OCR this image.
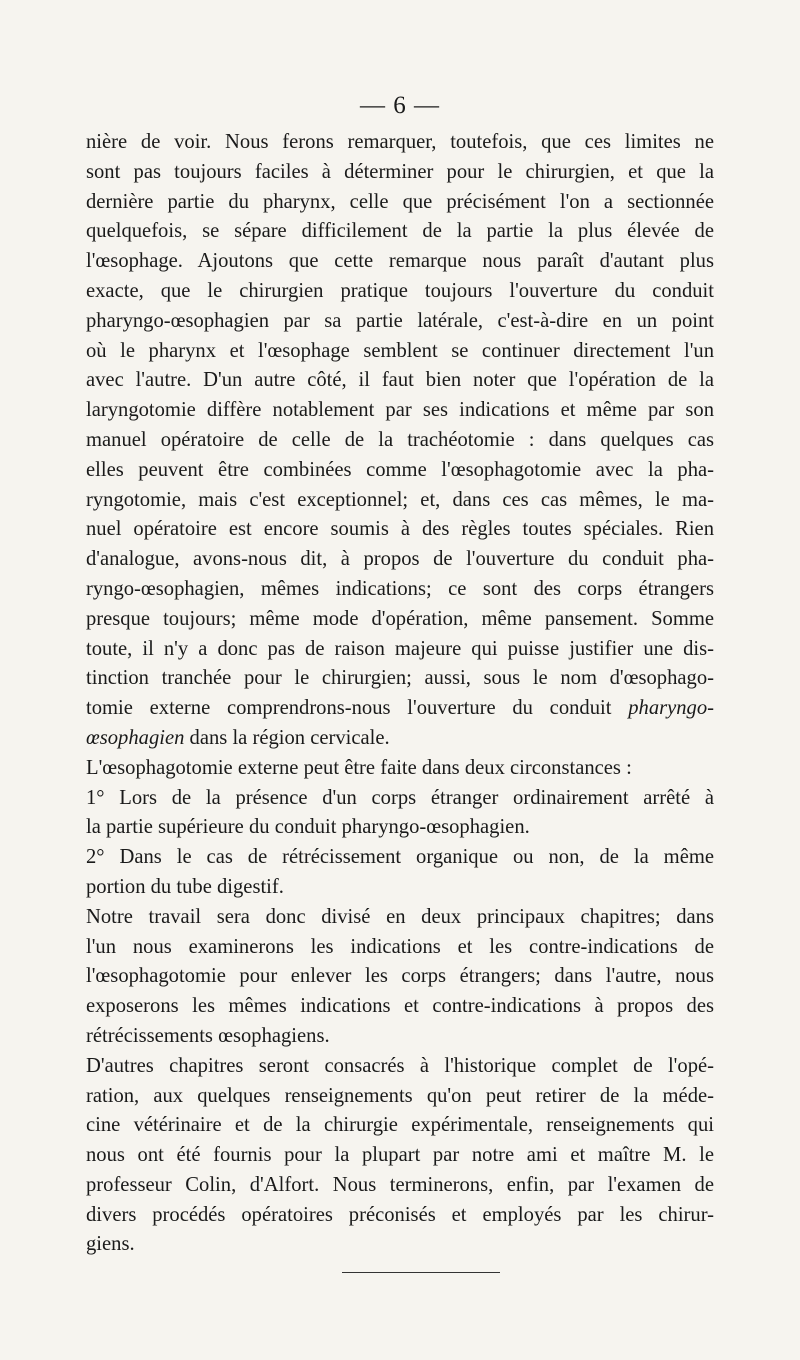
— 6 —

nière de voir. Nous ferons remarquer, toutefois, que ces limites ne

sont pas toujours faciles à déterminer pour le chirurgien, et que la

dernière partie du pharynx, celle que précisément l'on a sectionnée

quelquefois, se sépare difficilement de la partie la plus élevée de

l'œsophage. Ajoutons que cette remarque nous paraît d'autant plus

exacte, que le chirurgien pratique toujours l'ouverture du conduit

pharyngo-œsophagien par sa partie latérale, c'est-à-dire en un point

où le pharynx et l'œsophage semblent se continuer directement l'un

avec l'autre. D'un autre côté, il faut bien noter que l'opération de la

laryngotomie diffère notablement par ses indications et même par son

manuel opératoire de celle de la trachéotomie : dans quelques cas

elles peuvent être combinées comme l'œsophagotomie avec la pha-

ryngotomie, mais c'est exceptionnel; et, dans ces cas mêmes, le ma-

nuel opératoire est encore soumis à des règles toutes spéciales. Rien

d'analogue, avons-nous dit, à propos de l'ouverture du conduit pha-

ryngo-œsophagien, mêmes indications; ce sont des corps étrangers

presque toujours; même mode d'opération, même pansement. Somme

toute, il n'y a donc pas de raison majeure qui puisse justifier une dis-

tinction tranchée pour le chirurgien; aussi, sous le nom d'œsophago-

tomie externe comprendrons-nous l'ouverture du conduit pharyngo-

œsophagien dans la région cervicale.

L'œsophagotomie externe peut être faite dans deux circonstances :

1° Lors de la présence d'un corps étranger ordinairement arrêté à

la partie supérieure du conduit pharyngo-œsophagien.

2° Dans le cas de rétrécissement organique ou non, de la même

portion du tube digestif.

Notre travail sera donc divisé en deux principaux chapitres; dans

l'un nous examinerons les indications et les contre-indications de

l'œsophagotomie pour enlever les corps étrangers; dans l'autre, nous

exposerons les mêmes indications et contre-indications à propos des

rétrécissements œsophagiens.

D'autres chapitres seront consacrés à l'historique complet de l'opé-

ration, aux quelques renseignements qu'on peut retirer de la méde-

cine vétérinaire et de la chirurgie expérimentale, renseignements qui

nous ont été fournis pour la plupart par notre ami et maître M. le

professeur Colin, d'Alfort. Nous terminerons, enfin, par l'examen de

divers procédés opératoires préconisés et employés par les chirur-

giens.
